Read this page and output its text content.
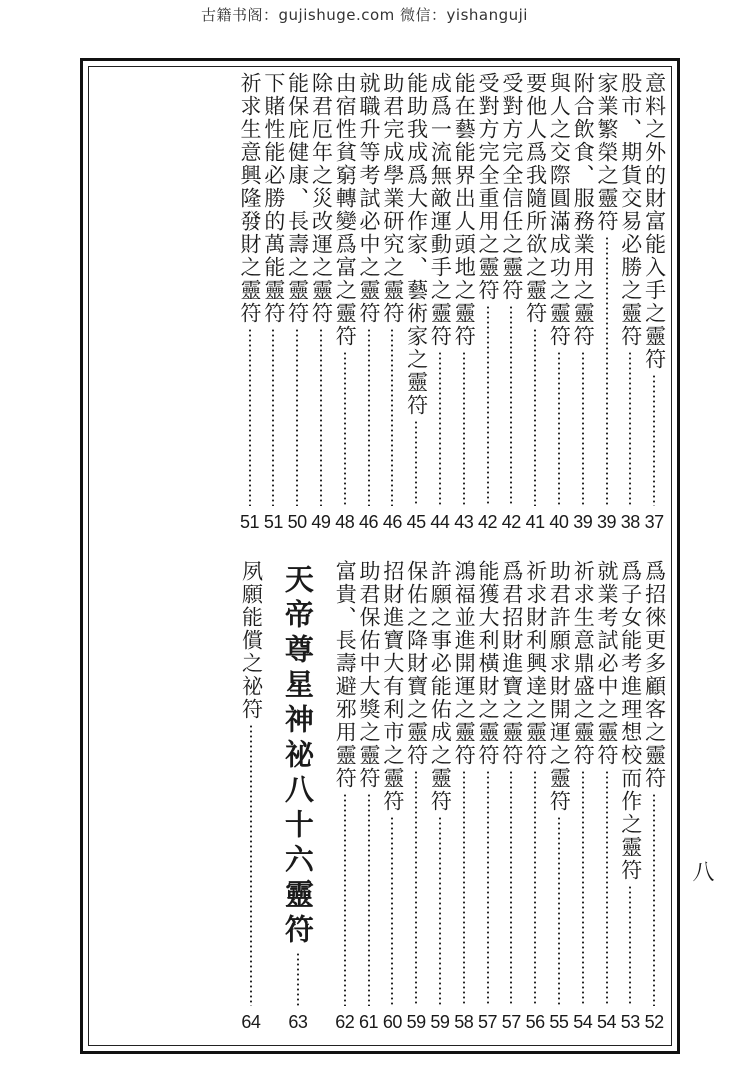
古籍书阁：gujishuge.com 微信：yishanguji
意料之外的財富能入手之靈符
37
股市、期貨交易必勝之靈符
38
家業繁榮之靈符
39
附合飲食、服務業用之靈符
39
與人之交際圓滿成功之靈符
40
要他人爲我隨所欲之靈符
41
受對方完全信任之靈符
42
受對方完全重用之靈符
42
能在藝能界出人頭地之靈符
43
成爲一流無敵運動手之靈符
44
能助我成爲大作家、藝術家之靈符
45
助君完成學業研究之靈符
46
就職升等考試必中之靈符
46
由宿性貧窮轉變爲富之靈符
48
除君厄年之災改運之靈符
49
能保庇健康、長壽之靈符
50
下賭性能必勝的萬能靈符
51
祈求生意興隆發財之靈符
51
爲招徠更多顧客之靈符
52
爲子女能考進理想校而作之靈符
53
就業考試必中之靈符
54
祈求生意鼎盛之靈符
54
助君許願求財開運之靈符
55
祈求財利興達之靈符
56
爲君招財進寶之靈符
57
能獲大利橫財之靈符
57
鴻福並進開運之靈符
58
許願之事必能佑成之靈符
59
保佑之降財寶之靈符
59
招財進寶大有利市之靈符
60
助君保佑中大獎之靈符
61
富貴、長壽避邪用靈符
62
天帝尊星神祕八十六靈符
63
夙願能償之祕符
64
八
